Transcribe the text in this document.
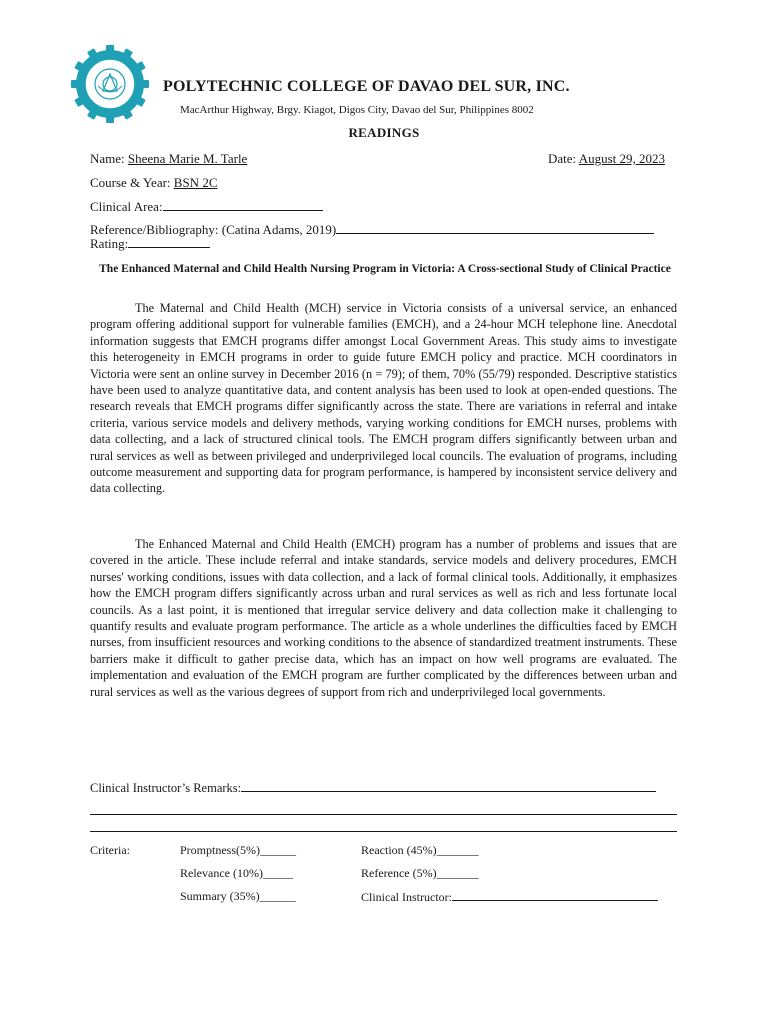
POLYTECHNIC COLLEGE OF DAVAO DEL SUR, INC.
MacArthur Highway, Brgy. Kiagot, Digos City, Davao del Sur, Philippines 8002
READINGS
Name: Sheena Marie M. Tarle	Date: August 29, 2023
Course & Year: BSN 2C
Clinical Area:
Reference/Bibliography: (Catina Adams, 2019)
Rating:
The Enhanced Maternal and Child Health Nursing Program in Victoria: A Cross-sectional Study of Clinical Practice

The Maternal and Child Health (MCH) service in Victoria consists of a universal service, an enhanced program offering additional support for vulnerable families (EMCH), and a 24-hour MCH telephone line. Anecdotal information suggests that EMCH programs differ amongst Local Government Areas. This study aims to investigate this heterogeneity in EMCH programs in order to guide future EMCH policy and practice. MCH coordinators in Victoria were sent an online survey in December 2016 (n = 79); of them, 70% (55/79) responded. Descriptive statistics have been used to analyze quantitative data, and content analysis has been used to look at open-ended questions. The research reveals that EMCH programs differ significantly across the state. There are variations in referral and intake criteria, various service models and delivery methods, varying working conditions for EMCH nurses, problems with data collecting, and a lack of structured clinical tools. The EMCH program differs significantly between urban and rural services as well as between privileged and underprivileged local councils. The evaluation of programs, including outcome measurement and supporting data for program performance, is hampered by inconsistent service delivery and data collecting.

The Enhanced Maternal and Child Health (EMCH) program has a number of problems and issues that are covered in the article. These include referral and intake standards, service models and delivery procedures, EMCH nurses' working conditions, issues with data collection, and a lack of formal clinical tools. Additionally, it emphasizes how the EMCH program differs significantly across urban and rural services as well as rich and less fortunate local councils. As a last point, it is mentioned that irregular service delivery and data collection make it challenging to quantify results and evaluate program performance. The article as a whole underlines the difficulties faced by EMCH nurses, from insufficient resources and working conditions to the absence of standardized treatment instruments. These barriers make it difficult to gather precise data, which has an impact on how well programs are evaluated. The implementation and evaluation of the EMCH program are further complicated by the differences between urban and rural services as well as the various degrees of support from rich and underprivileged local governments.

Clinical Instructor’s Remarks:
Criteria:	Promptness(5%)______
Relevance (10%)_____
Summary (35%)______
Reaction (45%)_______
Reference (5%)_______
Clinical Instructor:
